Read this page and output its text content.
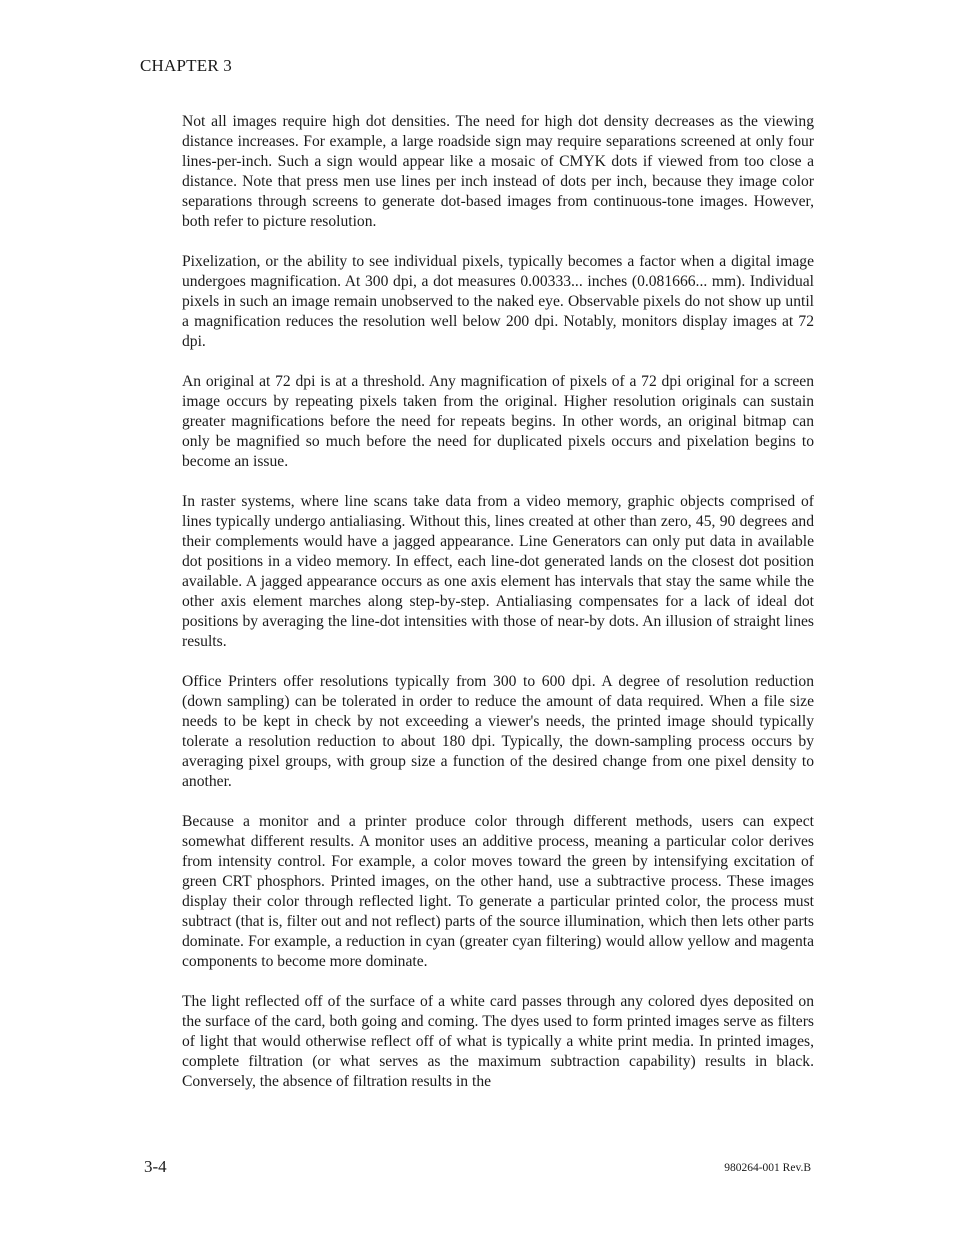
CHAPTER 3

Not all images require high dot densities. The need for high dot density decreases as the viewing distance increases. For example, a large roadside sign may require separations screened at only four lines-per-inch. Such a sign would appear like a mosaic of CMYK dots if viewed from too close a distance. Note that press men use lines per inch instead of dots per inch, because they image color separations through screens to generate dot-based images from continuous-tone images. However, both refer to picture resolution.

Pixelization, or the ability to see individual pixels, typically becomes a factor when a digital image undergoes magnification. At 300 dpi, a dot measures 0.00333... inches (0.081666... mm). Individual pixels in such an image remain unobserved to the naked eye. Observable pixels do not show up until a magnification reduces the resolution well below 200 dpi. Notably, monitors display images at 72 dpi.

An original at 72 dpi is at a threshold. Any magnification of pixels of a 72 dpi original for a screen image occurs by repeating pixels taken from the original. Higher resolution originals can sustain greater magnifications before the need for repeats begins. In other words, an original bitmap can only be magnified so much before the need for duplicated pixels occurs and pixelation begins to become an issue.

In raster systems, where line scans take data from a video memory, graphic objects comprised of lines typically undergo antialiasing. Without this, lines created at other than zero, 45, 90 degrees and their complements would have a jagged appearance. Line Generators can only put data in available dot positions in a video memory. In effect, each line-dot generated lands on the closest dot position available. A jagged appearance occurs as one axis element has intervals that stay the same while the other axis element marches along step-by-step. Antialiasing compensates for a lack of ideal dot positions by averaging the line-dot intensities with those of near-by dots. An illusion of straight lines results.

Office Printers offer resolutions typically from 300 to 600 dpi. A degree of resolution reduction (down sampling) can be tolerated in order to reduce the amount of data required. When a file size needs to be kept in check by not exceeding a viewer's needs, the printed image should typically tolerate a resolution reduction to about 180 dpi. Typically, the down-sampling process occurs by averaging pixel groups, with group size a function of the desired change from one pixel density to another.

Because a monitor and a printer produce color through different methods, users can expect somewhat different results. A monitor uses an additive process, meaning a particular color derives from intensity control. For example, a color moves toward the green by intensifying excitation of green CRT phosphors. Printed images, on the other hand, use a subtractive process. These images display their color through reflected light. To generate a particular printed color, the process must subtract (that is, filter out and not reflect) parts of the source illumination, which then lets other parts dominate. For example, a reduction in cyan (greater cyan filtering) would allow yellow and magenta components to become more dominate.

The light reflected off of the surface of a white card passes through any colored dyes deposited on the surface of the card, both going and coming. The dyes used to form printed images serve as filters of light that would otherwise reflect off of what is typically a white print media. In printed images, complete filtration (or what serves as the maximum subtraction capability) results in black. Conversely, the absence of filtration results in the

3-4	980264-001 Rev.B
